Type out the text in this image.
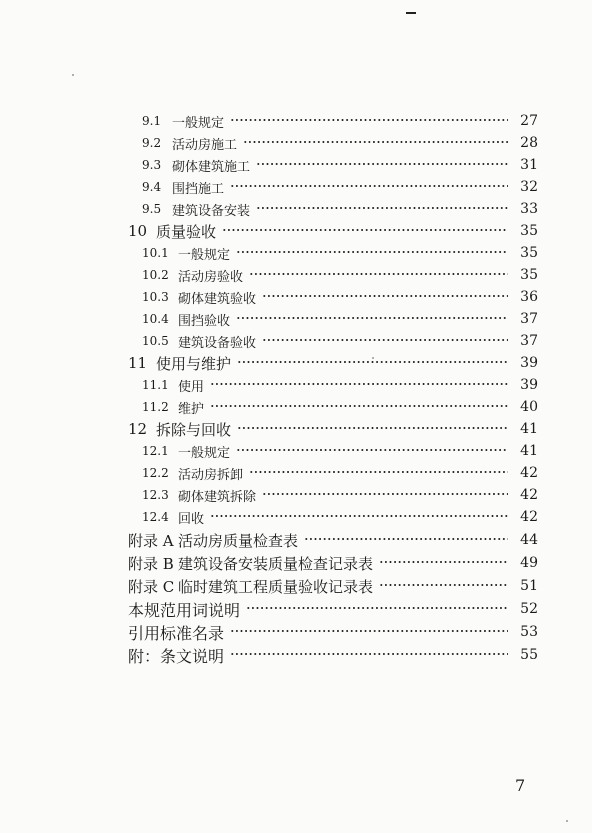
9.1 一般规定	27
9.2 活动房施工	28
9.3 砌体建筑施工	31
9.4 围挡施工	32
9.5 建筑设备安装	33
10 质量验收	35
10.1 一般规定	35
10.2 活动房验收	35
10.3 砌体建筑验收	36
10.4 围挡验收	37
10.5 建筑设备验收	37
11 使用与维护	39
11.1 使用	39
11.2 维护	40
12 拆除与回收	41
12.1 一般规定	41
12.2 活动房拆卸	42
12.3 砌体建筑拆除	42
12.4 回收	42
附录 A 活动房质量检查表	44
附录 B 建筑设备安装质量检查记录表	49
附录 C 临时建筑工程质量验收记录表	51
本规范用词说明	52
引用标准名录	53
附：条文说明	55
7
